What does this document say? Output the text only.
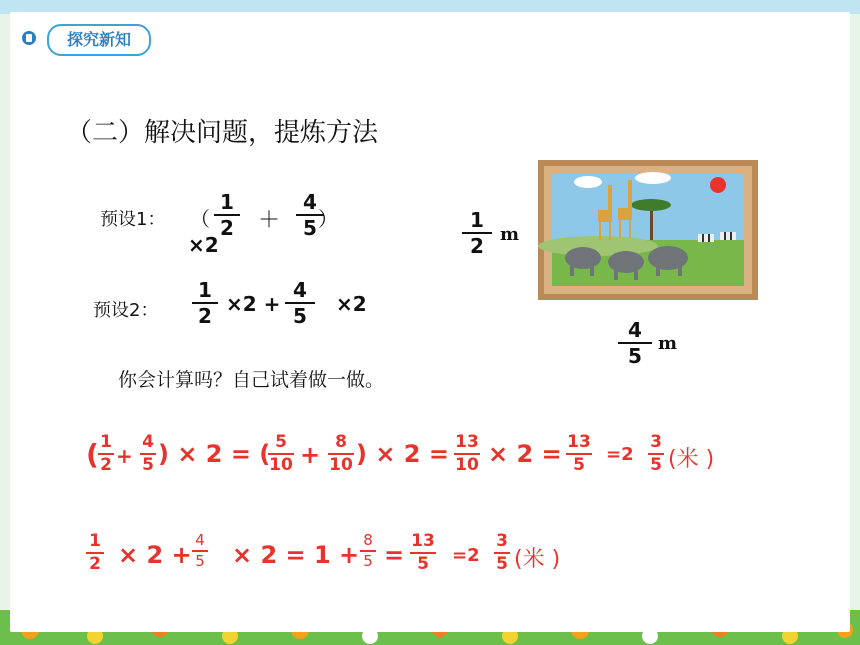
探究新知
（二）解决问题，提炼方法
预设1： （
1
2 ＋
4
5 ）
×2
预设2：
1
2 ×2 +
4
5	×2
你会计算吗？自己试着做一做。
1
2 m
4
5
m
( 1
2 +
4
5 ) × 2 = ( 5
10 + 8
10 ) × 2 = 13
10 × 2 = 13
5	=2
3
5 (米 )
1
2 × 2 +
4
5 × 2 = 1 +
8
5 = 13
5	=2
3
5 (米 )
